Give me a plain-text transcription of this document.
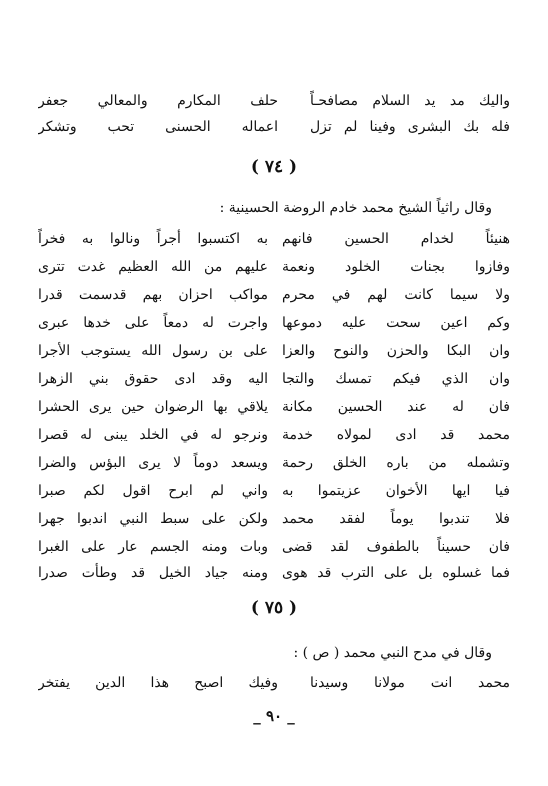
والیك مد ید السلام مصافحـاً
حلف المكارم والمعالي جعفر
فله بك البشرى وفينا لم تزل
اعماله الحسنى تحب وتشكر
( ٧٤ )
وقال راثياً الشيخ محمد خادم الروضة الحسينية :
هنيئاً لخدام الحسين فانهم
به اكتسبوا أجراً ونالوا به فخراً
وفازوا بجنات الخلود ونعمة
عليهم من الله العظيم غدت تترى
ولا سيما كانت لهم في محرم
مواكب احزان بهم قدسمت قدرا
وكم اعين سحت عليه دموعها
واجرت له دمعاً على خدها عبرى
وان البكا والحزن والنوح والعزا
على بن رسول الله يستوجب الأجرا
وان الذي فيكم تمسك والتجا
اليه وقد ادى حقوق بني الزهرا
فان له عند الحسين مكانة
يلاقي بها الرضوان حين يرى الحشرا
محمد قد ادى لمولاه خدمة
ونرجو له في الخلد يبنى له قصرا
وتشمله من باره الخلق رحمة
ويسعد دوماً لا يرى البؤس والضرا
فيا ايها الأخوان عزيتموا به
واني لم ابرح اقول لكم صبرا
فلا تندبوا يوماً لفقد محمد
ولكن على سبط النبي اندبوا جهرا
فان حسيناً بالطفوف لقد قضى
وبات ومنه الجسم عار على الغبرا
فما غسلوه بل على الترب قد هوى
ومنه جياد الخيل قد وطأت صدرا
( ٧٥ )
وقال في مدح النبي محمد ( ص ) :
محمد انت مولانا وسيدنا
وفيك اصبح هذا الدين يفتخر
_ ٩٠ _
